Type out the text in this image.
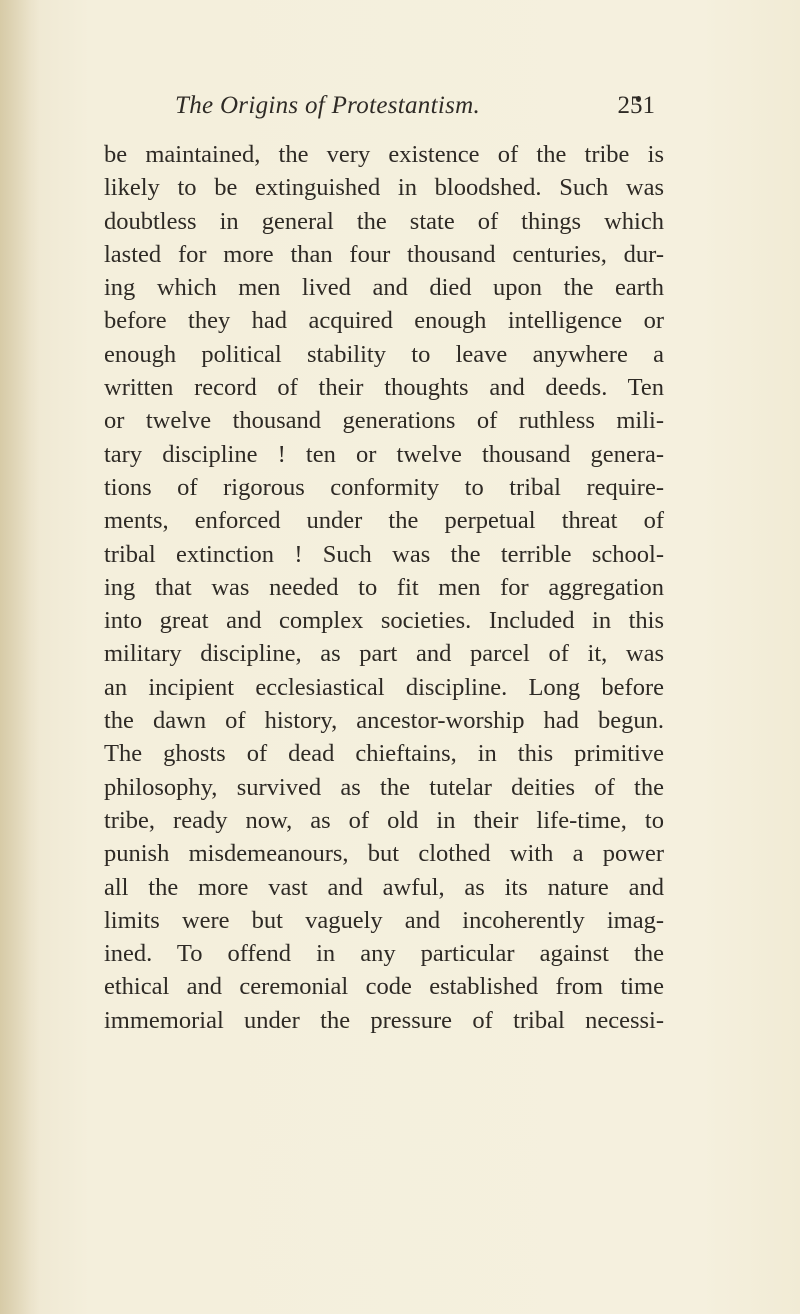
The Origins of Protestantism.	251
be maintained, the very existence of the tribe is
likely to be extinguished in bloodshed. Such was
doubtless in general the state of things which
lasted for more than four thousand centuries, dur-
ing which men lived and died upon the earth
before they had acquired enough intelligence or
enough political stability to leave anywhere a
written record of their thoughts and deeds. Ten
or twelve thousand generations of ruthless mili-
tary discipline ! ten or twelve thousand genera-
tions of rigorous conformity to tribal require-
ments, enforced under the perpetual threat of
tribal extinction ! Such was the terrible school-
ing that was needed to fit men for aggregation
into great and complex societies. Included in this
military discipline, as part and parcel of it, was
an incipient ecclesiastical discipline. Long before
the dawn of history, ancestor-worship had begun.
The ghosts of dead chieftains, in this primitive
philosophy, survived as the tutelar deities of the
tribe, ready now, as of old in their life-time, to
punish misdemeanours, but clothed with a power
all the more vast and awful, as its nature and
limits were but vaguely and incoherently imag-
ined. To offend in any particular against the
ethical and ceremonial code established from time
immemorial under the pressure of tribal necessi-
